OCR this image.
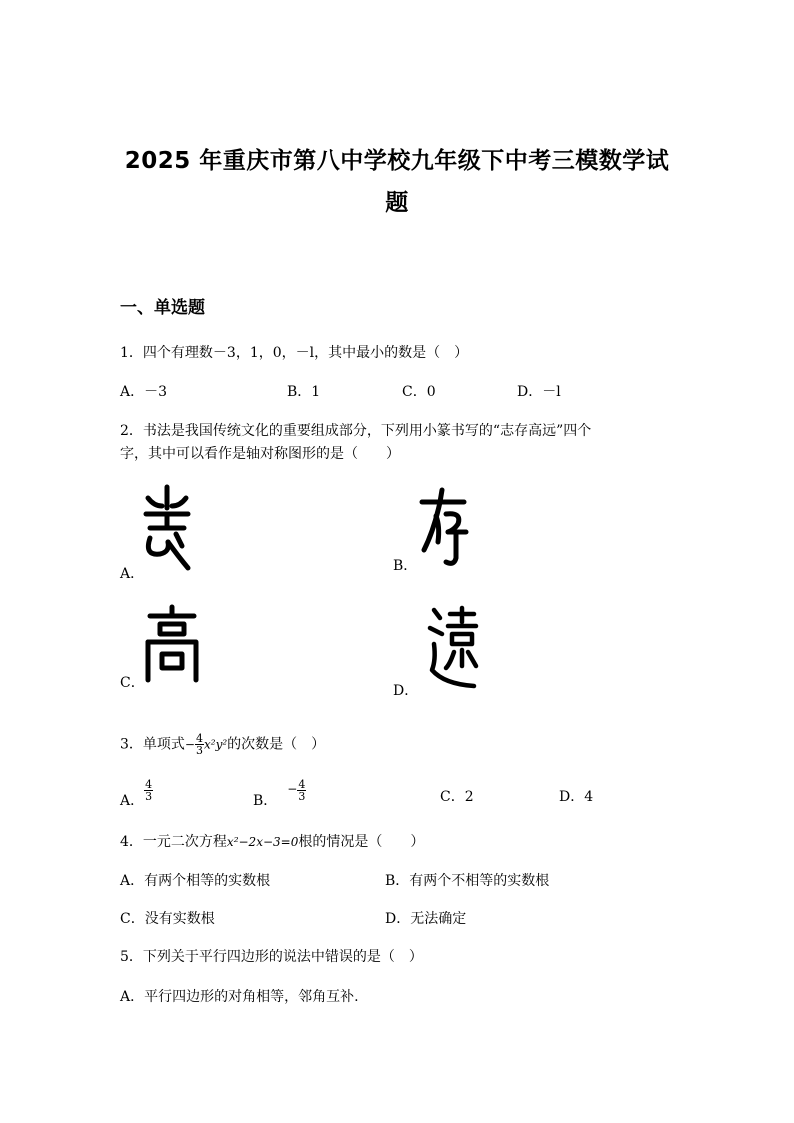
2025 年重庆市第八中学校九年级下中考三模数学试
题
一、单选题
1．四个有理数－3，1，0，－l，其中最小的数是（　）
A．－3	B．1	C．0	D．－l
2．书法是我国传统文化的重要组成部分，下列用小篆书写的“志存高远”四个
字，其中可以看作是轴对称图形的是（　　）
A．	B．
C．	D．
3．单项式− $\frac{4}{3} x^2y^2$的次数是（　）
A． $\frac{4}{3}$	B．− $\frac{4}{3}$	C．2	D．4
4．一元二次方程x²−2x−3=0根的情况是（　　）
A．有两个相等的实数根	B．有两个不相等的实数根
C．没有实数根	D．无法确定
5．下列关于平行四边形的说法中错误的是（　）
A．平行四边形的对角相等，邻角互补.
